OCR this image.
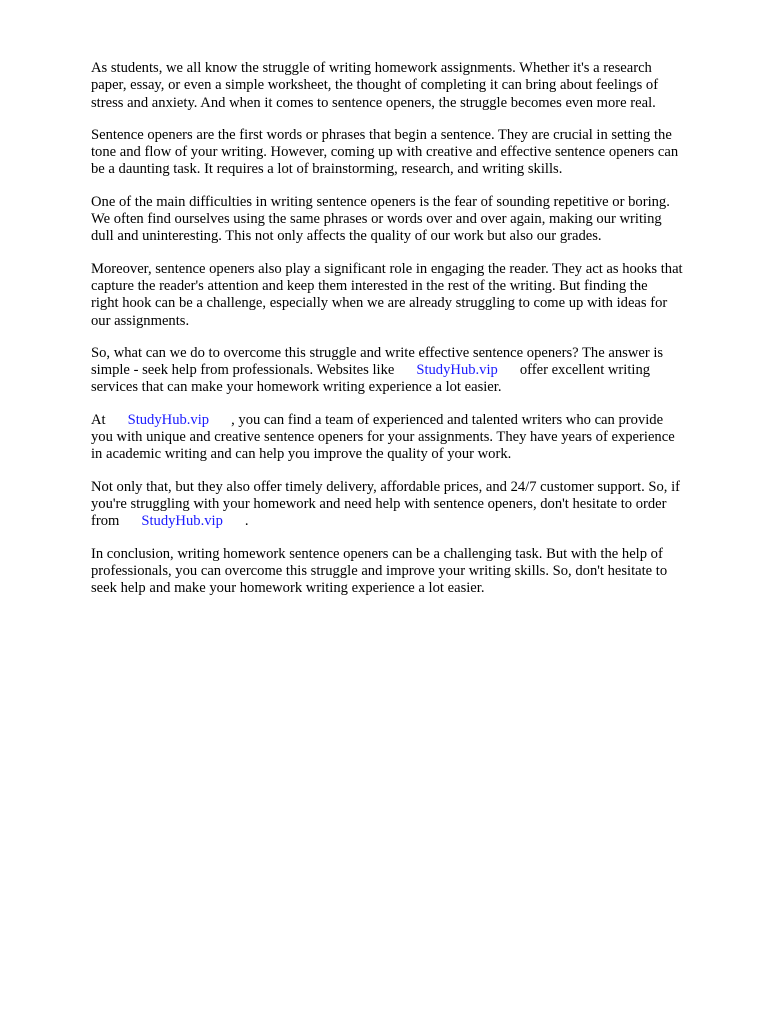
As students, we all know the struggle of writing homework assignments. Whether it's a research
paper, essay, or even a simple worksheet, the thought of completing it can bring about feelings of
stress and anxiety. And when it comes to sentence openers, the struggle becomes even more real.

Sentence openers are the first words or phrases that begin a sentence. They are crucial in setting the
tone and flow of your writing. However, coming up with creative and effective sentence openers can
be a daunting task. It requires a lot of brainstorming, research, and writing skills.

One of the main difficulties in writing sentence openers is the fear of sounding repetitive or boring.
We often find ourselves using the same phrases or words over and over again, making our writing
dull and uninteresting. This not only affects the quality of our work but also our grades.

Moreover, sentence openers also play a significant role in engaging the reader. They act as hooks that
capture the reader's attention and keep them interested in the rest of the writing. But finding the
right hook can be a challenge, especially when we are already struggling to come up with ideas for
our assignments.

So, what can we do to overcome this struggle and write effective sentence openers? The answer is
simple - seek help from professionals. Websites like StudyHub.vip offer excellent writing
services that can make your homework writing experience a lot easier.

At StudyHub.vip , you can find a team of experienced and talented writers who can provide
you with unique and creative sentence openers for your assignments. They have years of experience
in academic writing and can help you improve the quality of your work.

Not only that, but they also offer timely delivery, affordable prices, and 24/7 customer support. So, if
you're struggling with your homework and need help with sentence openers, don't hesitate to order
from StudyHub.vip .

In conclusion, writing homework sentence openers can be a challenging task. But with the help of
professionals, you can overcome this struggle and improve your writing skills. So, don't hesitate to
seek help and make your homework writing experience a lot easier.
